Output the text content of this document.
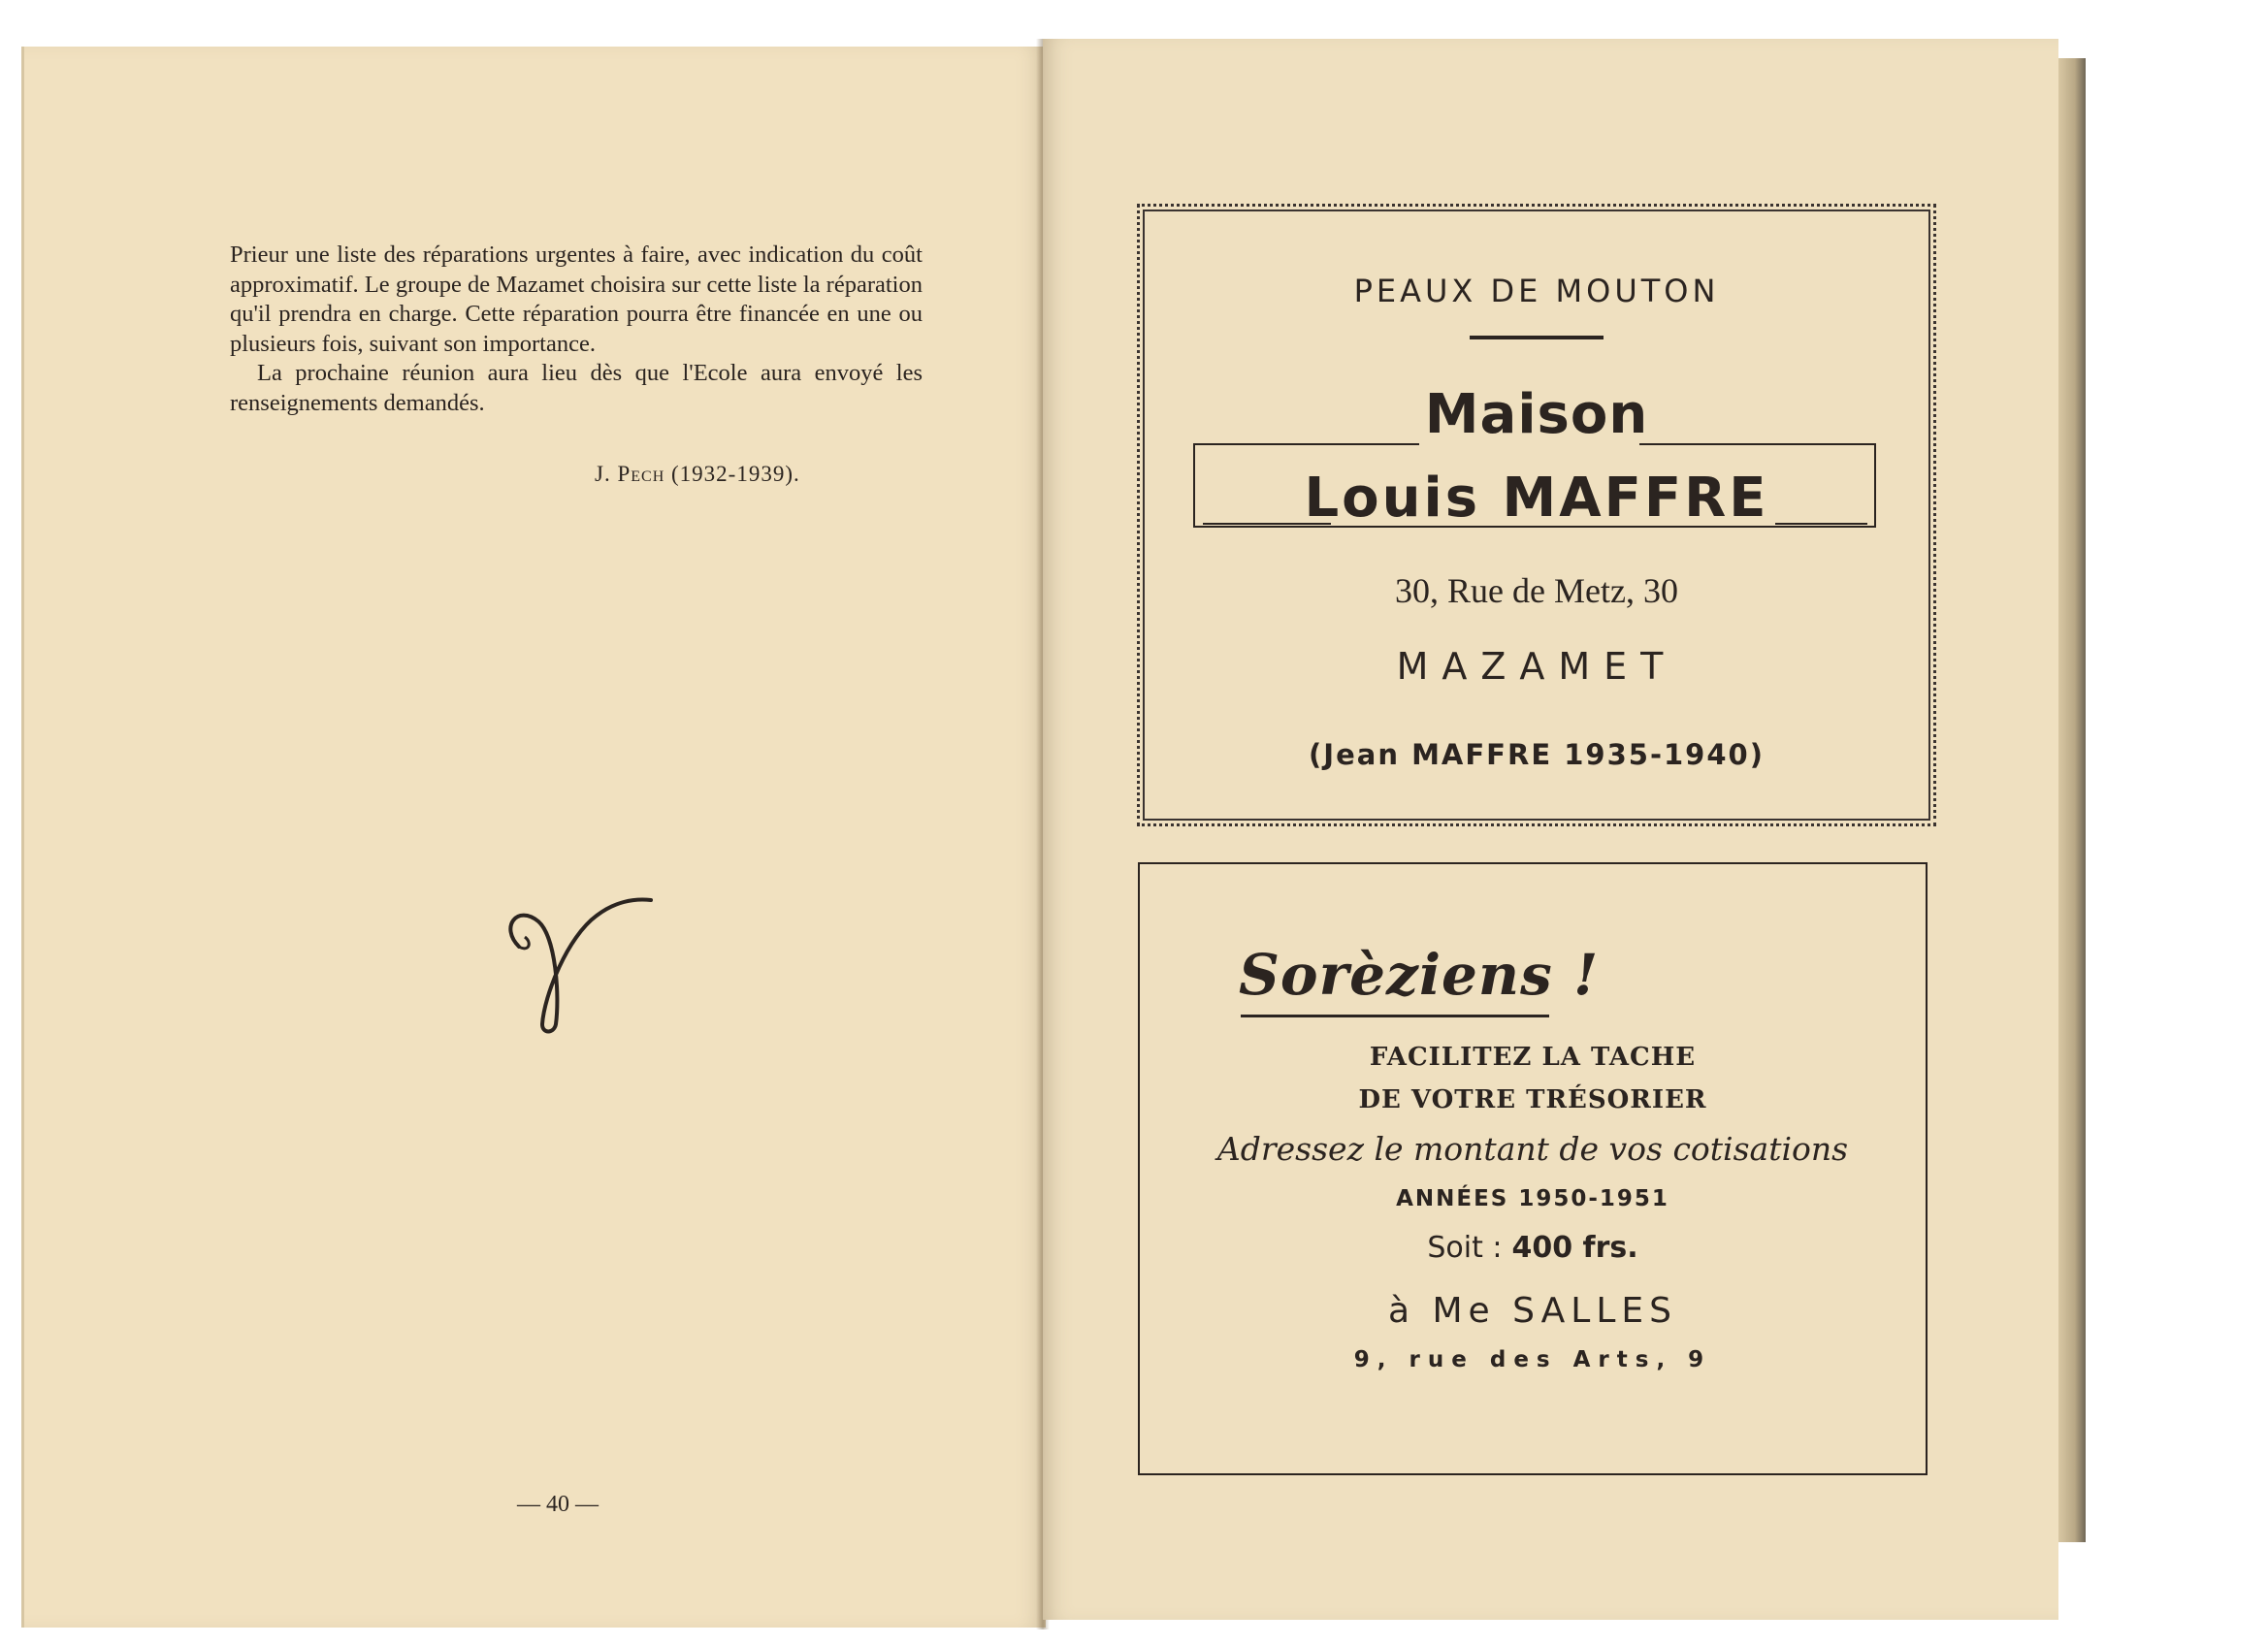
Prieur une liste des réparations urgentes à faire, avec indication du coût approximatif. Le groupe de Mazamet choisira sur cette liste la réparation qu'il prendra en charge. Cette réparation pourra être financée en une ou plusieurs fois, suivant son importance.

La prochaine réunion aura lieu dès que l'Ecole aura envoyé les renseignements demandés.

J. Pech (1932-1939).
— 40 —
PEAUX DE MOUTON
Maison
Louis MAFFRE
30, Rue de Metz, 30
MAZAMET
(Jean MAFFRE 1935-1940)
Sorèziens !
FACILITEZ LA TACHE
DE VOTRE TRÉSORIER
Adressez le montant de vos cotisations
ANNÉES 1950-1951
Soit : 400 frs.
à Me SALLES
9, rue des Arts, 9
